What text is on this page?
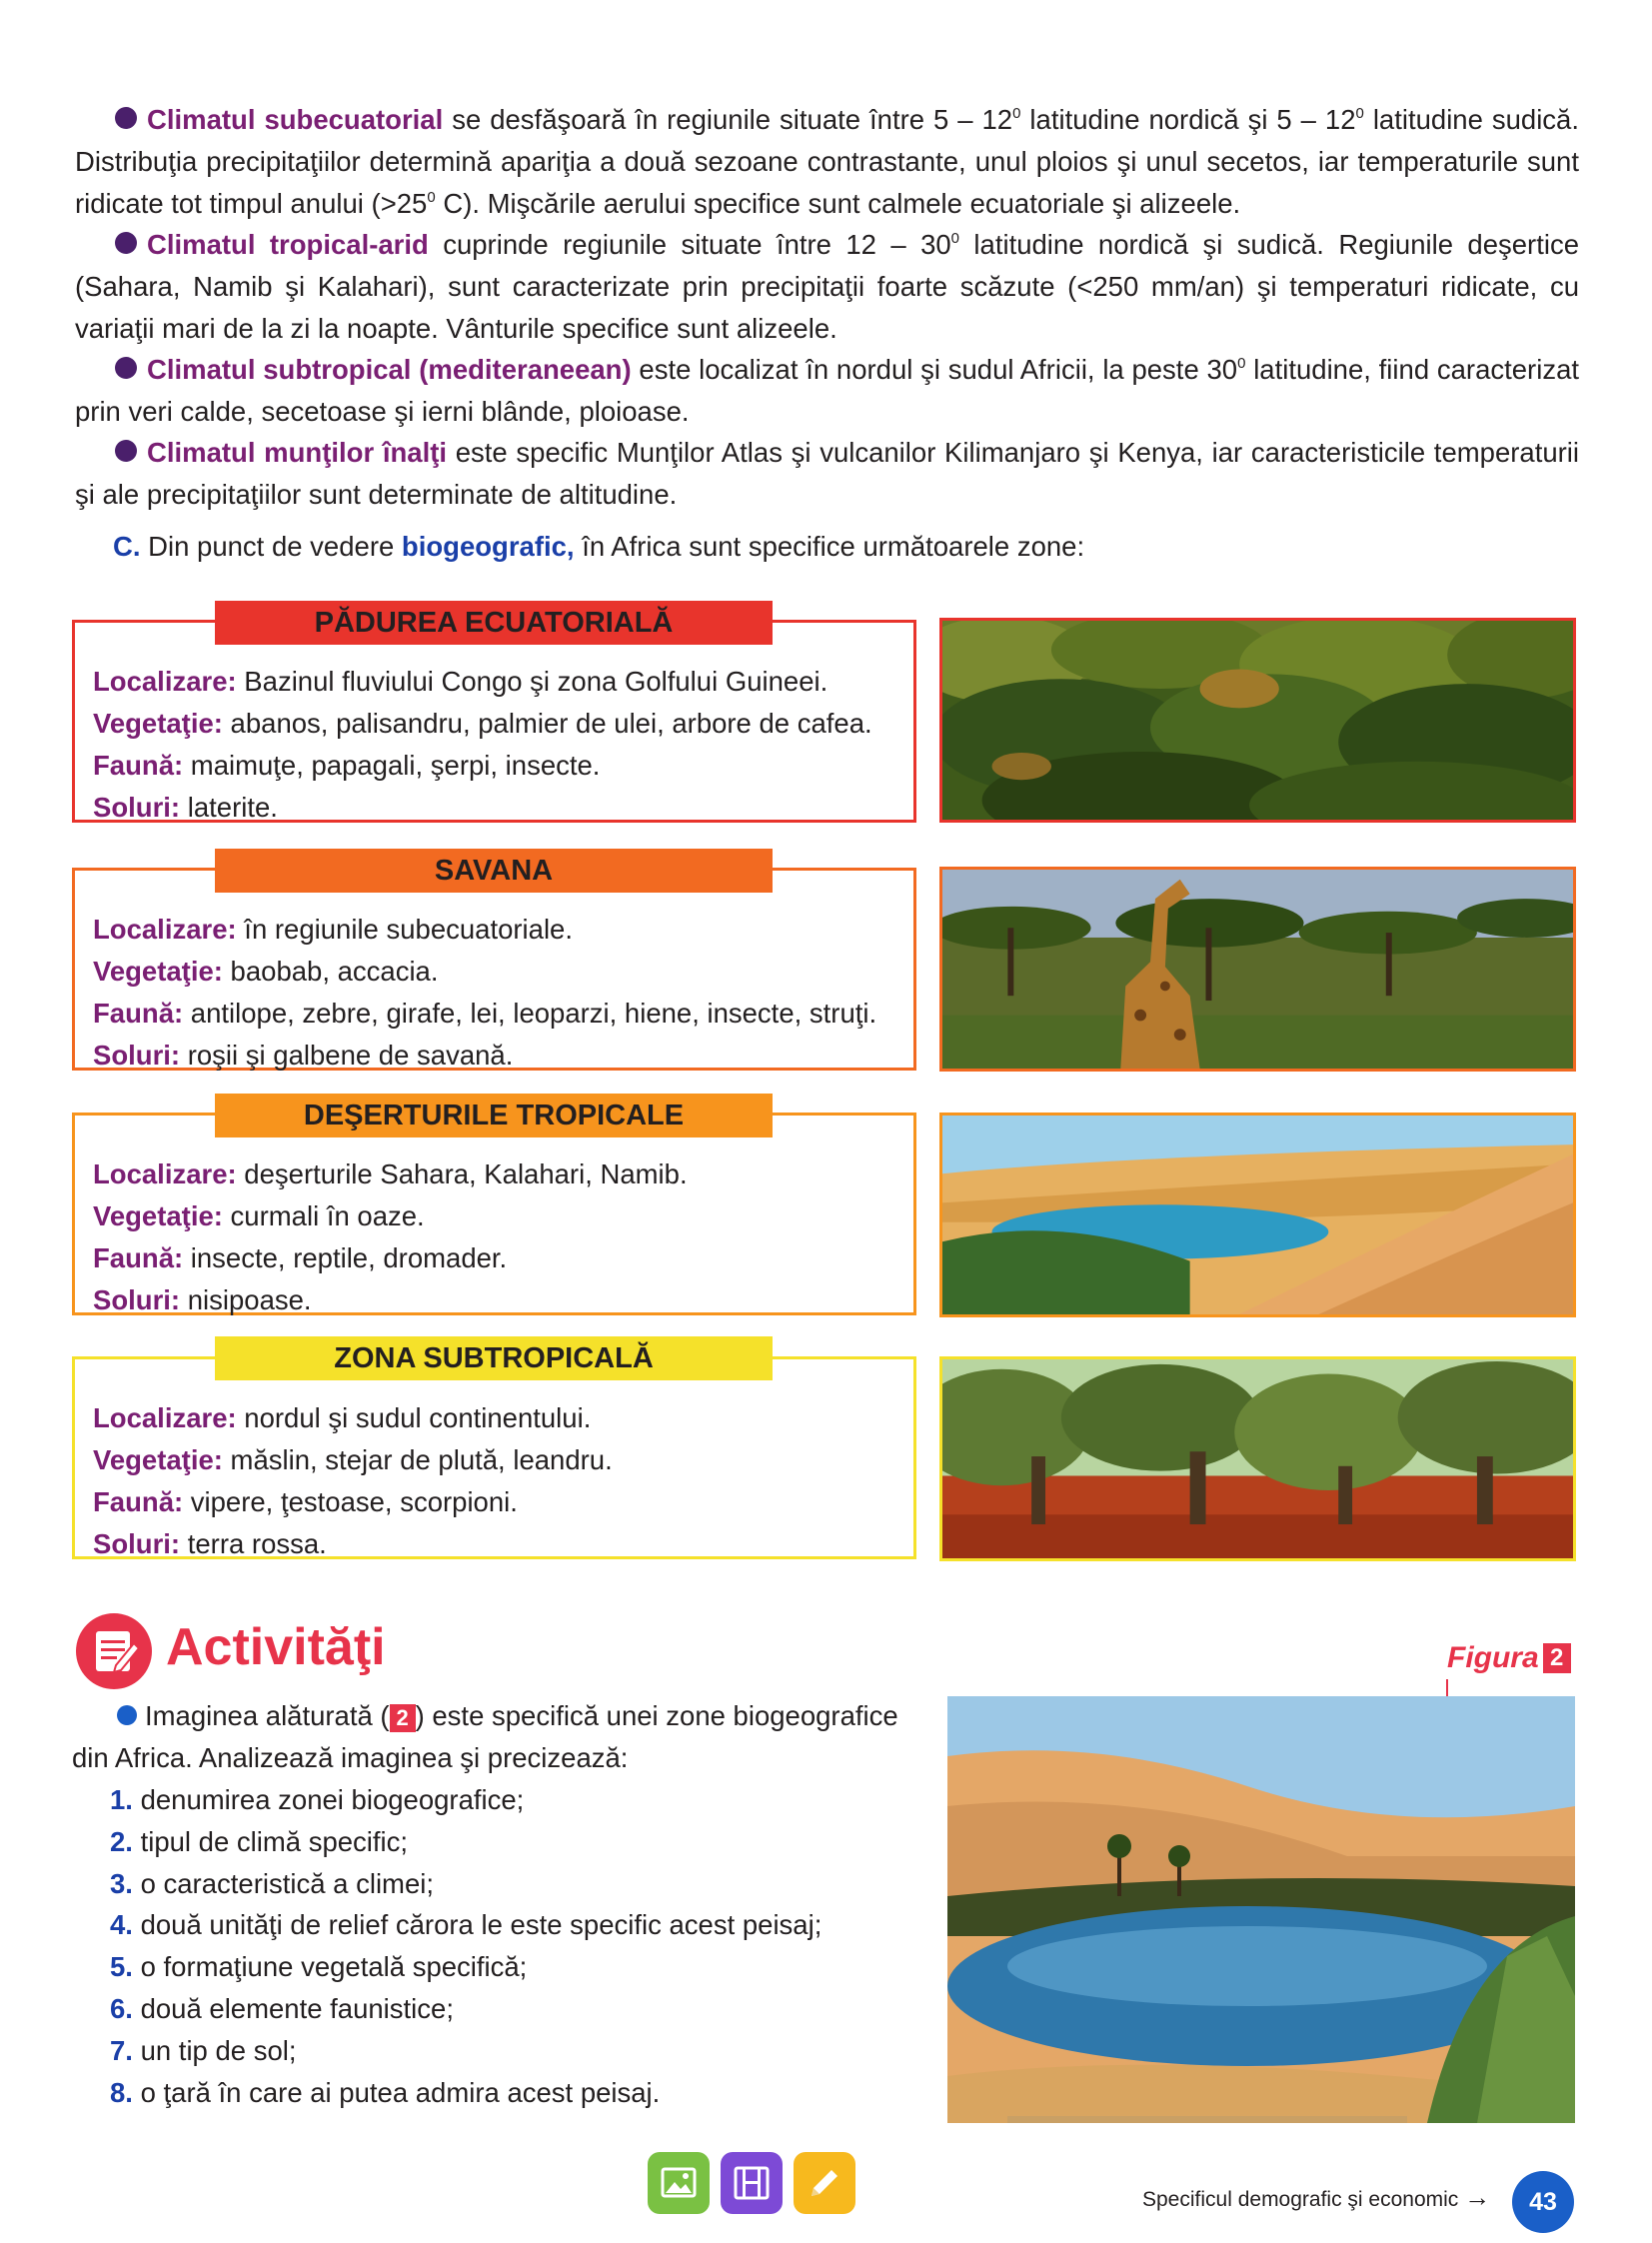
Climatul subecuatorial se desfăşoară în regiunile situate între $5 - 12^0$ latitudine nordică şi $5 - 12^0$ latitudine sudică. Distribuţia precipitaţiilor determină apariţia a două sezoane contrastante, unul ploios şi unul secetos, iar temperaturile sunt ridicate tot timpul anului ($>25^0$ C). Mişcările aerului specifice sunt calmele ecuatoriale şi alizeele.
Climatul tropical-arid cuprinde regiunile situate între $12 - 30^0$ latitudine nordică şi sudică. Regiunile deşertice (Sahara, Namib şi Kalahari), sunt caracterizate prin precipitaţii foarte scăzute (<250 mm/an) şi temperaturi ridicate, cu variaţii mari de la zi la noapte. Vânturile specifice sunt alizeele.
Climatul subtropical (mediteraneean) este localizat în nordul şi sudul Africii, la peste $30^0$ latitudine, fiind caracterizat prin veri calde, secetoase şi ierni blânde, ploioase.
Climatul munţilor înalţi este specific Munţilor Atlas şi vulcanilor Kilimanjaro şi Kenya, iar caracteristicile temperaturii şi ale precipitaţiilor sunt determinate de altitudine.
C. Din punct de vedere biogeografic, în Africa sunt specifice următoarele zone:
Localizare: Bazinul fluviului Congo şi zona Golfului Guineei.
Vegetaţie: abanos, palisandru, palmier de ulei, arbore de cafea.
Faună: maimuţe, papagali, şerpi, insecte.
Soluri: laterite.
PĂDUREA ECUATORIALĂ
Localizare: în regiunile subecuatoriale.
Vegetaţie: baobab, accacia.
Faună: antilope, zebre, girafe, lei, leoparzi, hiene, insecte, struţi.
Soluri: roşii şi galbene de savană.
SAVANA
Localizare: deşerturile Sahara, Kalahari, Namib.
Vegetaţie: curmali în oaze.
Faună: insecte, reptile, dromader.
Soluri: nisipoase.
DEŞERTURILE TROPICALE
Localizare: nordul şi sudul continentului.
Vegetaţie: măslin, stejar de plută, leandru.
Faună: vipere, ţestoase, scorpioni.
Soluri: terra rossa.
ZONA SUBTROPICALĂ
Activităţi	Figura 2
Imaginea alăturată ( 2 ) este specifică unei zone biogeografice din Africa. Analizează imaginea şi precizează:
1. denumirea zonei biogeografice;
2. tipul de climă specific;
3. o caracteristică a climei;
4. două unităţi de relief cărora le este specific acest peisaj;
5. o formaţiune vegetală specifică;
6. două elemente faunistice;
7. un tip de sol;
8. o ţară în care ai putea admira acest peisaj.
Specificul demografic şi economic →	43
